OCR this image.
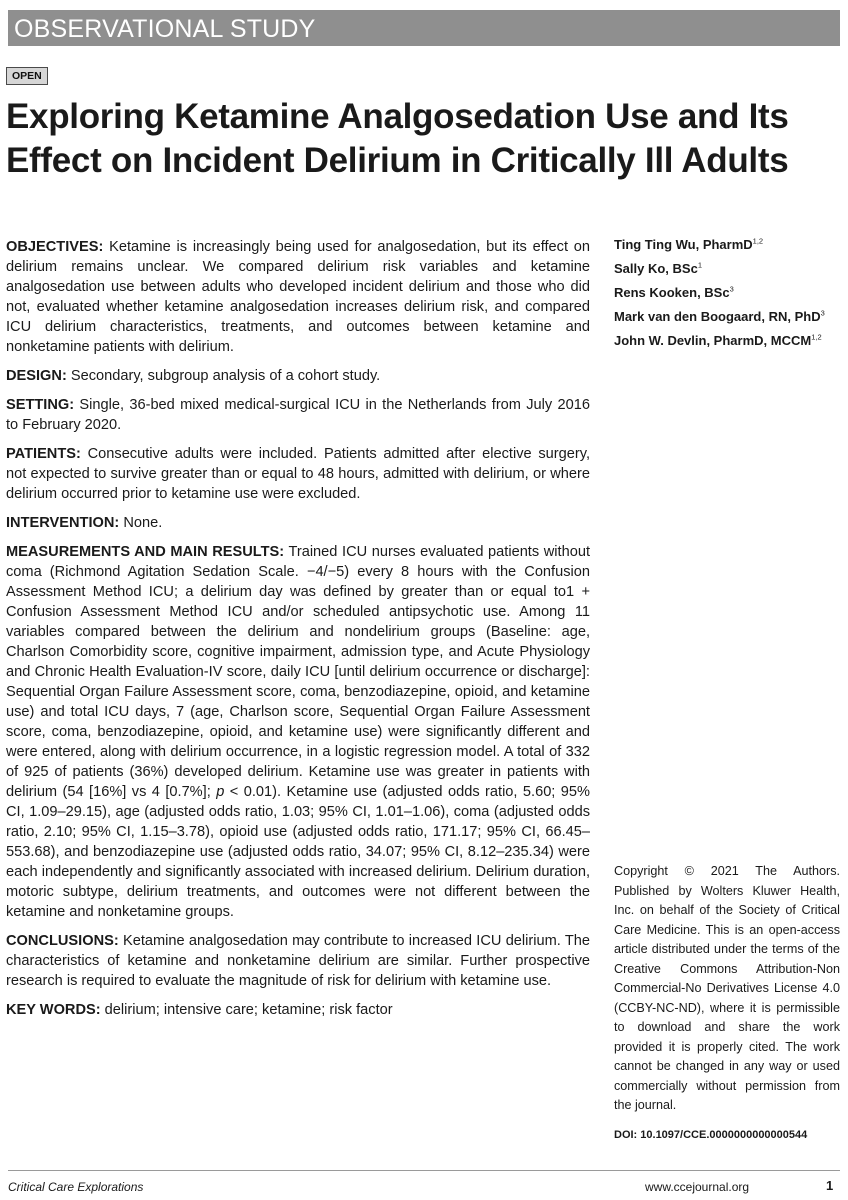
OBSERVATIONAL STUDY
OPEN
Exploring Ketamine Analgosedation Use and Its Effect on Incident Delirium in Critically Ill Adults

OBJECTIVES: Ketamine is increasingly being used for analgosedation, but its effect on delirium remains unclear. We compared delirium risk variables and ketamine analgosedation use between adults who developed incident delirium and those who did not, evaluated whether ketamine analgosedation increases delirium risk, and compared ICU delirium characteristics, treatments, and outcomes between ketamine and nonketamine patients with delirium.

DESIGN: Secondary, subgroup analysis of a cohort study.

SETTING: Single, 36-bed mixed medical-surgical ICU in the Netherlands from July 2016 to February 2020.

PATIENTS: Consecutive adults were included. Patients admitted after elective surgery, not expected to survive greater than or equal to 48 hours, admitted with delirium, or where delirium occurred prior to ketamine use were excluded.

INTERVENTION: None.

MEASUREMENTS AND MAIN RESULTS: Trained ICU nurses evaluated patients without coma (Richmond Agitation Sedation Scale. −4/−5) every 8 hours with the Confusion Assessment Method ICU; a delirium day was defined by greater than or equal to1 + Confusion Assessment Method ICU and/or scheduled antipsychotic use. Among 11 variables compared between the delirium and nondelirium groups (Baseline: age, Charlson Comorbidity score, cognitive impairment, admission type, and Acute Physiology and Chronic Health Evaluation-IV score, daily ICU [until delirium occurrence or discharge]: Sequential Organ Failure Assessment score, coma, benzodiazepine, opioid, and ketamine use) and total ICU days, 7 (age, Charlson score, Sequential Organ Failure Assessment score, coma, benzodiazepine, opioid, and ketamine use) were significantly different and were entered, along with delirium occurrence, in a logistic regression model. A total of 332 of 925 of patients (36%) developed delirium. Ketamine use was greater in patients with delirium (54 [16%] vs 4 [0.7%]; p < 0.01). Ketamine use (adjusted odds ratio, 5.60; 95% CI, 1.09–29.15), age (adjusted odds ratio, 1.03; 95% CI, 1.01–1.06), coma (adjusted odds ratio, 2.10; 95% CI, 1.15–3.78), opioid use (adjusted odds ratio, 171.17; 95% CI, 66.45–553.68), and benzodiazepine use (adjusted odds ratio, 34.07; 95% CI, 8.12–235.34) were each independently and significantly associated with increased delirium. Delirium duration, motoric subtype, delirium treatments, and outcomes were not different between the ketamine and nonketamine groups.

CONCLUSIONS: Ketamine analgosedation may contribute to increased ICU delirium. The characteristics of ketamine and nonketamine delirium are similar. Further prospective research is required to evaluate the magnitude of risk for delirium with ketamine use.

KEY WORDS: delirium; intensive care; ketamine; risk factor

Ting Ting Wu, PharmD$^{1,2}$
Sally Ko, BSc$^1$
Rens Kooken, BSc$^3$
Mark van den Boogaard, RN, PhD$^3$
John W. Devlin, PharmD, MCCM$^{1,2}$
Copyright © 2021 The Authors. Published by Wolters Kluwer Health, Inc. on behalf of the Society of Critical Care Medicine. This is an open-access article distributed under the terms of the Creative Commons Attribution-Non Commercial-No Derivatives License 4.0 (CCBY-NC-ND), where it is permissible to download and share the work provided it is properly cited. The work cannot be changed in any way or used commercially without permission from the journal.
DOI: 10.1097/CCE.0000000000000544
Critical Care Explorations	www.ccejournal.org	1
